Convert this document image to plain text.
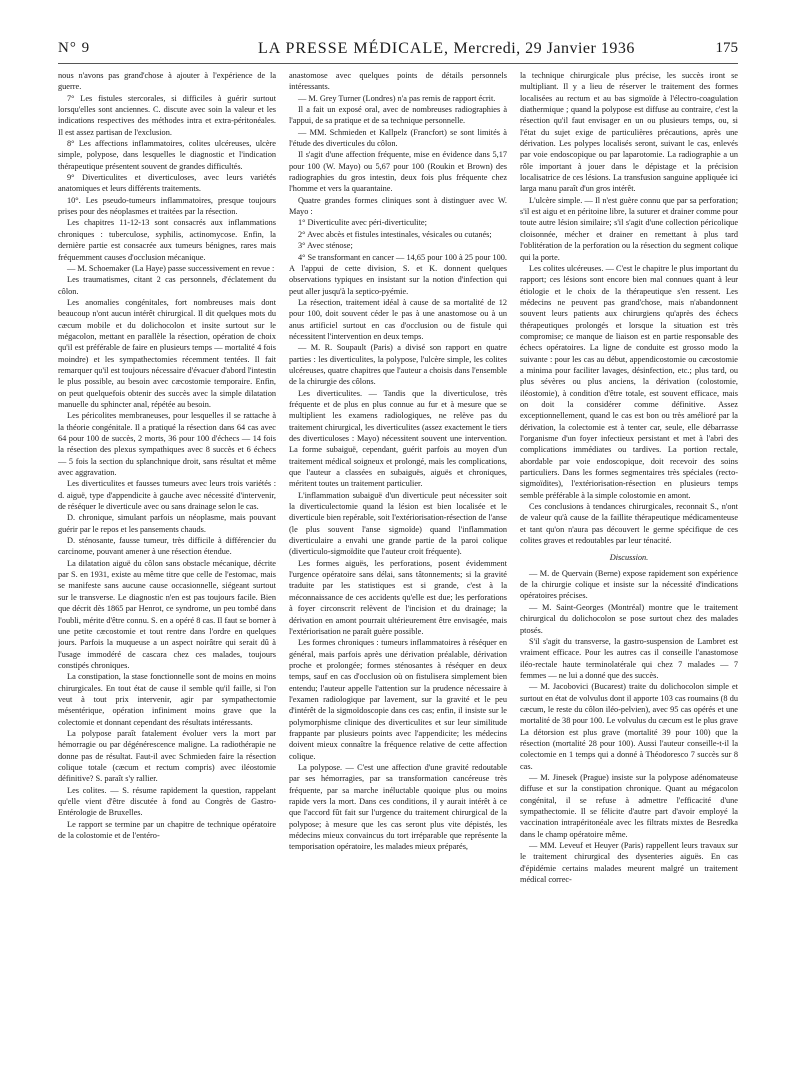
N° 9	LA PRESSE MÉDICALE, Mercredi, 29 Janvier 1936	175

nous n'avons pas grand'chose à ajouter à l'expérience de la guerre.

7° Les fistules stercorales, si difficiles à guérir surtout lorsqu'elles sont anciennes. C. discute avec soin la valeur et les indications respectives des méthodes intra et extra-péritonéales. Il est assez partisan de l'exclusion.

8° Les affections inflammatoires, colites ulcéreuses, ulcère simple, polypose, dans lesquelles le diagnostic et l'indication thérapeutique présentent souvent de grandes difficultés.

9° Diverticulites et diverticuloses, avec leurs variétés anatomiques et leurs différents traitements.

10°. Les pseudo-tumeurs inflammatoires, presque toujours prises pour des néoplasmes et traitées par la résection.

Les chapitres 11-12-13 sont consacrés aux inflammations chroniques : tuberculose, syphilis, actinomycose. Enfin, la dernière partie est consacrée aux tumeurs bénignes, rares mais fréquemment causes d'occlusion mécanique.

— M. Schoemaker (La Haye) passe successivement en revue :

Les traumatismes, citant 2 cas personnels, d'éclatement du côlon.

Les anomalies congénitales, fort nombreuses mais dont beaucoup n'ont aucun intérêt chirurgical. Il dit quelques mots du cæcum mobile et du dolichocolon et insite surtout sur le mégacolon, mettant en parallèle la résection, opération de choix qu'il est préférable de faire en plusieurs temps — mortalité 4 fois moindre) et les sympathectomies récemment tentées. Il fait remarquer qu'il est toujours nécessaire d'évacuer d'abord l'intestin le plus possible, au besoin avec cæcostomie temporaire. Enfin, on peut quelquefois obtenir des succès avec la simple dilatation manuelle du sphincter anal, répétée au besoin.

Les péricolites membraneuses, pour lesquelles il se rattache à la théorie congénitale. Il a pratiqué la résection dans 64 cas avec 64 pour 100 de succès, 2 morts, 36 pour 100 d'échecs — 14 fois la résection des plexus sympathiques avec 8 succès et 6 échecs — 5 fois la section du splanchnique droit, sans résultat et même avec aggravation.

Les diverticulites et fausses tumeurs avec leurs trois variétés : d. aiguë, type d'appendicite à gauche avec nécessité d'intervenir, de réséquer le diverticule avec ou sans drainage selon le cas.

D. chronique, simulant parfois un néoplasme, mais pouvant guérir par le repos et les pansements chauds.

D. sténosante, fausse tumeur, très difficile à différencier du carcinome, pouvant amener à une résection étendue.

La dilatation aiguë du côlon sans obstacle mécanique, décrite par S. en 1931, existe au même titre que celle de l'estomac, mais se manifeste sans aucune cause occasionnelle, siégeant surtout sur le transverse. Le diagnostic n'en est pas toujours facile. Bien que décrit dès 1865 par Henrot, ce syndrome, un peu tombé dans l'oubli, mérite d'être connu. S. en a opéré 8 cas. Il faut se borner à une petite cæcostomie et tout rentre dans l'ordre en quelques jours. Parfois la muqueuse a un aspect noirâtre qui serait dû à l'usage immodéré de cascara chez ces malades, toujours constipés chroniques.

La constipation, la stase fonctionnelle sont de moins en moins chirurgicales. En tout état de cause il semble qu'il faille, si l'on veut à tout prix intervenir, agir par sympathectomie mésentérique, opération infiniment moins grave que la colectomie et donnant cependant des résultats intéressants.

La polypose paraît fatalement évoluer vers la mort par hémorragie ou par dégénérescence maligne. La radiothérapie ne donne pas de résultat. Faut-il avec Schmieden faire la résection colique totale (cæcum et rectum compris) avec iléostomie définitive? S. paraît s'y rallier.

Les colites. — S. résume rapidement la question, rappelant qu'elle vient d'être discutée à fond au Congrès de Gastro-Entérologie de Bruxelles.

Le rapport se termine par un chapitre de technique opératoire de la colostomie et de l'entéro-

anastomose avec quelques points de détails personnels intéressants.

— M. Grey Turner (Londres) n'a pas remis de rapport écrit.

Il a fait un exposé oral, avec de nombreuses radiographies à l'appui, de sa pratique et de sa technique personnelle.

— MM. Schmieden et Kallpelz (Francfort) se sont limités à l'étude des diverticules du côlon.

Il s'agit d'une affection fréquente, mise en évidence dans 5,17 pour 100 (W. Mayo) ou 5,67 pour 100 (Roukin et Brown) des radiographies du gros intestin, deux fois plus fréquente chez l'homme et vers la quarantaine.

Quatre grandes formes cliniques sont à distinguer avec W. Mayo :

1° Diverticulite avec péri-diverticulite;

2° Avec abcès et fistules intestinales, vésicales ou cutanés;

3° Avec sténose;

4° Se transformant en cancer — 14,65 pour 100 à 25 pour 100. A l'appui de cette division, S. et K. donnent quelques observations typiques en insistant sur la notion d'infection qui peut aller jusqu'à la septico-pyémie.

La résection, traitement idéal à cause de sa mortalité de 12 pour 100, doit souvent céder le pas à une anastomose ou à un anus artificiel surtout en cas d'occlusion ou de fistule qui nécessitent l'intervention en deux temps.

— M. R. Soupault (Paris) a divisé son rapport en quatre parties : les diverticulites, la polypose, l'ulcère simple, les colites ulcéreuses, quatre chapitres que l'auteur a choisis dans l'ensemble de la chirurgie des côlons.

Les diverticulites. — Tandis que la diverticulose, très fréquente et de plus en plus connue au fur et à mesure que se multiplient les examens radiologiques, ne relève pas du traitement chirurgical, les diverticulites (assez exactement le tiers des diverticuloses : Mayo) nécessitent souvent une intervention. La forme subaiguë, cependant, guérit parfois au moyen d'un traitement médical soigneux et prolongé, mais les complications, que l'auteur a classées en subaiguës, aiguës et chroniques, méritent toutes un traitement particulier.

L'inflammation subaiguë d'un diverticule peut nécessiter soit la diverticulectomie quand la lésion est bien localisée et le diverticule bien repérable, soit l'extériorisation-résection de l'anse (le plus souvent l'anse sigmoïde) quand l'inflammation diverticulaire a envahi une grande partie de la paroi colique (diverticulo-sigmoïdite que l'auteur croit fréquente).

Les formes aiguës, les perforations, posent évidemment l'urgence opératoire sans délai, sans tâtonnements; si la gravité traduite par les statistiques est si grande, c'est à la méconnaissance de ces accidents qu'elle est due; les perforations à foyer circonscrit relèvent de l'incision et du drainage; la dérivation en amont pourrait ultérieurement être envisagée, mais l'extériorisation ne paraît guère possible.

Les formes chroniques : tumeurs inflammatoires à réséquer en général, mais parfois après une dérivation préalable, dérivation proche et prolongée; formes sténosantes à réséquer en deux temps, sauf en cas d'occlusion où on fistulisera simplement bien entendu; l'auteur appelle l'attention sur la prudence nécessaire à l'examen radiologique par lavement, sur la gravité et le peu d'intérêt de la sigmoïdoscopie dans ces cas; enfin, il insiste sur le polymorphisme clinique des diverticulites et sur leur similitude frappante par plusieurs points avec l'appendicite; les médecins doivent mieux connaître la fréquence relative de cette affection colique.

La polypose. — C'est une affection d'une gravité redoutable par ses hémorragies, par sa transformation cancéreuse très fréquente, par sa marche inéluctable quoique plus ou moins rapide vers la mort. Dans ces conditions, il y aurait intérêt à ce que l'accord fût fait sur l'urgence du traitement chirurgical de la polypose; à mesure que les cas seront plus vite dépistés, les médecins mieux convaincus du tort irréparable que représente la temporisation opératoire, les malades mieux préparés,

la technique chirurgicale plus précise, les succès iront se multipliant. Il y a lieu de réserver le traitement des formes localisées au rectum et au bas sigmoïde à l'électro-coagulation diathermique ; quand la polypose est diffuse au contraire, c'est la résection qu'il faut envisager en un ou plusieurs temps, ou, si l'état du sujet exige de particulières précautions, après une dérivation. Les polypes localisés seront, suivant le cas, enlevés par voie endoscopique ou par laparotomie. La radiographie a un rôle important à jouer dans le dépistage et la précision localisatrice de ces lésions. La transfusion sanguine appliquée ici larga manu paraît d'un gros intérêt.

L'ulcère simple. — Il n'est guère connu que par sa perforation; s'il est aigu et en péritoine libre, la suturer et drainer comme pour toute autre lésion similaire; s'il s'agit d'une collection péricolique cloisonnée, mécher et drainer en remettant à plus tard l'oblitération de la perforation ou la résection du segment colique qui la porte.

Les colites ulcéreuses. — C'est le chapitre le plus important du rapport; ces lésions sont encore bien mal connues quant à leur étiologie et le choix de la thérapeutique s'en ressent. Les médecins ne peuvent pas grand'chose, mais n'abandonnent souvent leurs patients aux chirurgiens qu'après des échecs thérapeutiques prolongés et lorsque la situation est très compromise; ce manque de liaison est en partie responsable des échecs opératoires. La ligne de conduite est grosso modo la suivante : pour les cas au début, appendicostomie ou cæcostomie a minima pour faciliter lavages, désinfection, etc.; plus tard, ou plus sévères ou plus anciens, la dérivation (colostomie, iléostomie), à condition d'être totale, est souvent efficace, mais on doit la considérer comme définitive. Assez exceptionnellement, quand le cas est bon ou très amélioré par la dérivation, la colectomie est à tenter car, seule, elle débarrasse l'organisme d'un foyer infectieux persistant et met à l'abri des complications immédiates ou tardives. La portion rectale, abordable par voie endoscopique, doit recevoir des soins particuliers. Dans les formes segmentaires très spéciales (recto-sigmoïdites), l'extériorisation-résection en plusieurs temps semble préférable à la simple colostomie en amont.

Ces conclusions à tendances chirurgicales, reconnait S., n'ont de valeur qu'à cause de la faillite thérapeutique médicamenteuse et tant qu'on n'aura pas découvert le germe spécifique de ces colites graves et redoutables par leur ténacité.

Discussion.

— M. de Quervain (Berne) expose rapidement son expérience de la chirurgie colique et insiste sur la nécessité d'indications opératoires précises.

— M. Saint-Georges (Montréal) montre que le traitement chirurgical du dolichocolon se pose surtout chez des malades ptosés.

S'il s'agit du transverse, la gastro-suspension de Lambret est vraiment efficace. Pour les autres cas il conseille l'anastomose iléo-rectale haute terminolatérale qui chez 7 malades — 7 femmes — ne lui a donné que des succès.

— M. Jacobovici (Bucarest) traite du dolichocolon simple et surtout en état de volvulus dont il apporte 103 cas roumains (8 du cæcum, le reste du côlon iléo-pelvien), avec 95 cas opérés et une mortalité de 38 pour 100. Le volvulus du cæcum est le plus grave La détorsion est plus grave (mortalité 39 pour 100) que la résection (mortalité 28 pour 100). Aussi l'auteur conseille-t-il la colectomie en 1 temps qui a donné à Théodoresco 7 succès sur 8 cas.

— M. Jinesek (Prague) insiste sur la polypose adénomateuse diffuse et sur la constipation chronique. Quant au mégacolon congénital, il se refuse à admettre l'efficacité d'une sympathectomie. Il se félicite d'autre part d'avoir employé la vaccination intrapéritonéale avec les filtrats mixtes de Besredka dans le champ opératoire même.

— MM. Leveuf et Heuyer (Paris) rappellent leurs travaux sur le traitement chirurgical des dysenteries aiguës. En cas d'épidémie certains malades meurent malgré un traitement médical correc-
